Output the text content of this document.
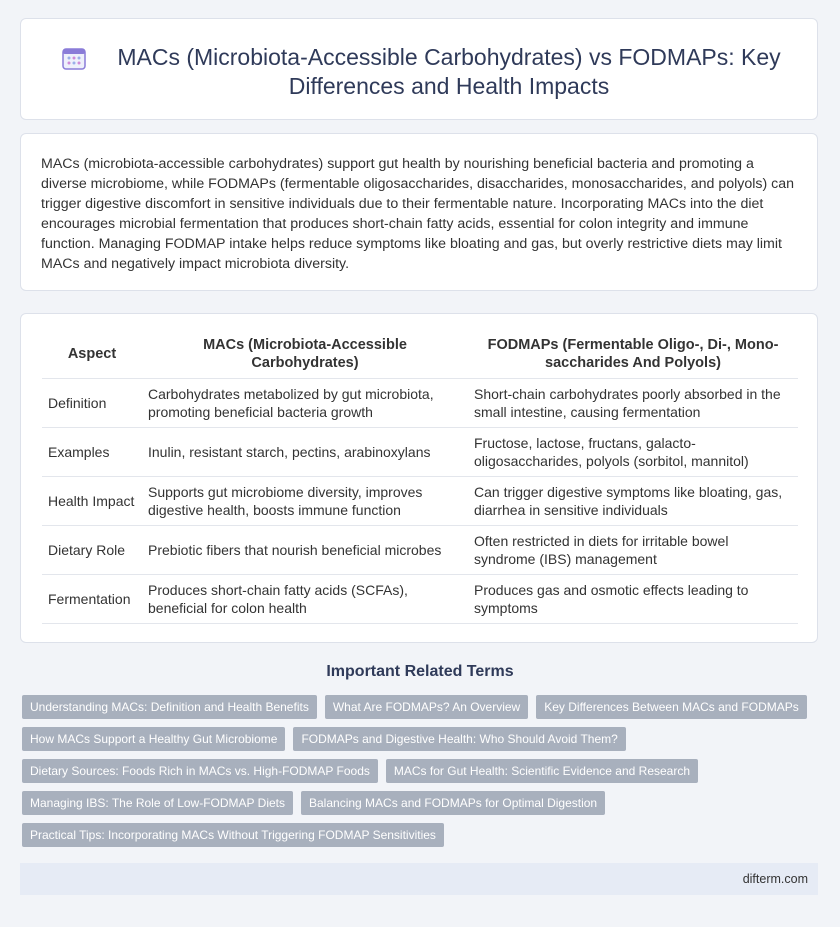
MACs (Microbiota-Accessible Carbohydrates) vs FODMAPs: Key Differences and Health Impacts

MACs (microbiota-accessible carbohydrates) support gut health by nourishing beneficial bacteria and promoting a diverse microbiome, while FODMAPs (fermentable oligosaccharides, disaccharides, monosaccharides, and polyols) can trigger digestive discomfort in sensitive individuals due to their fermentable nature. Incorporating MACs into the diet encourages microbial fermentation that produces short-chain fatty acids, essential for colon integrity and immune function. Managing FODMAP intake helps reduce symptoms like bloating and gas, but overly restrictive diets may limit MACs and negatively impact microbiota diversity.

Aspect	MACs (Microbiota-Accessible Carbohydrates)	FODMAPs (Fermentable Oligo-, Di-, Mono-saccharides And Polyols)
Definition	Carbohydrates metabolized by gut microbiota, promoting beneficial bacteria growth	Short-chain carbohydrates poorly absorbed in the small intestine, causing fermentation
Examples	Inulin, resistant starch, pectins, arabinoxylans	Fructose, lactose, fructans, galacto-oligosaccharides, polyols (sorbitol, mannitol)
Health Impact	Supports gut microbiome diversity, improves digestive health, boosts immune function	Can trigger digestive symptoms like bloating, gas, diarrhea in sensitive individuals
Dietary Role	Prebiotic fibers that nourish beneficial microbes	Often restricted in diets for irritable bowel syndrome (IBS) management
Fermentation	Produces short-chain fatty acids (SCFAs), beneficial for colon health	Produces gas and osmotic effects leading to symptoms
Important Related Terms
Understanding MACs: Definition and Health Benefits	What Are FODMAPs? An Overview	Key Differences Between MACs and FODMAPs
How MACs Support a Healthy Gut Microbiome	FODMAPs and Digestive Health: Who Should Avoid Them?
Dietary Sources: Foods Rich in MACs vs. High-FODMAP Foods	MACs for Gut Health: Scientific Evidence and Research
Managing IBS: The Role of Low-FODMAP Diets	Balancing MACs and FODMAPs for Optimal Digestion
Practical Tips: Incorporating MACs Without Triggering FODMAP Sensitivities
difterm.com
